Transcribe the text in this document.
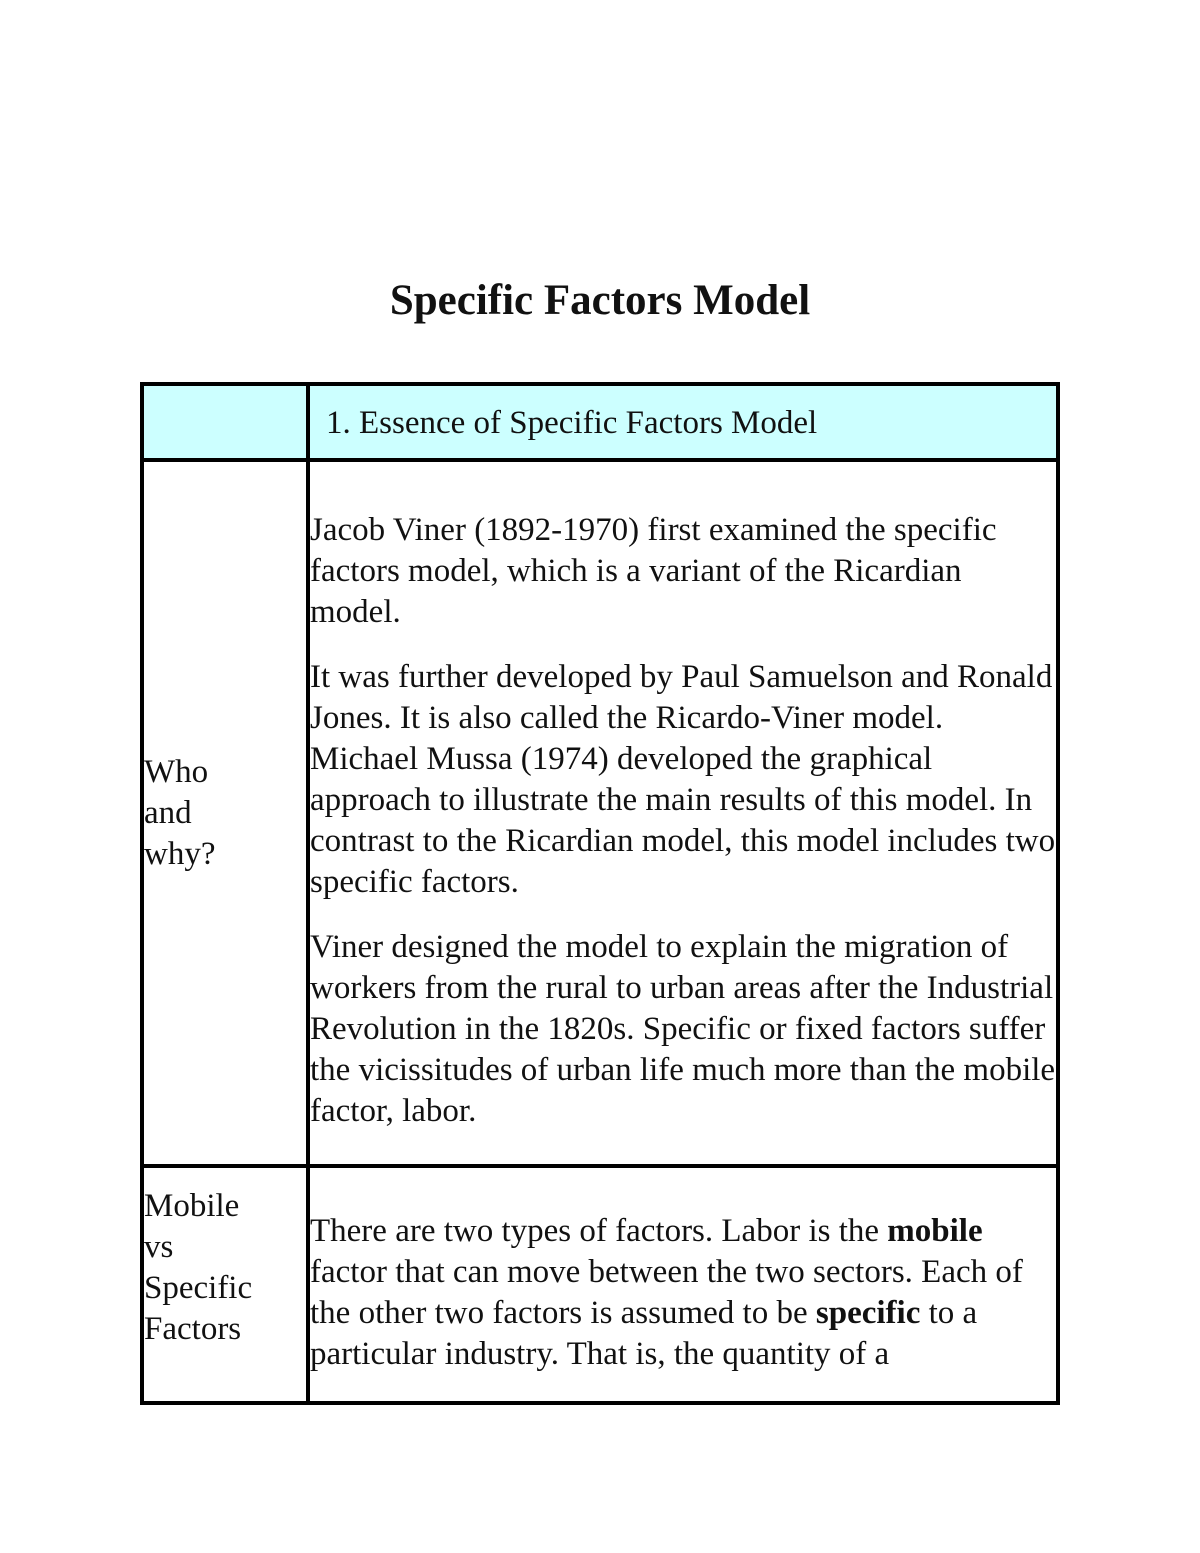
Specific Factors Model

	1. Essence of Specific Factors Model

Who and why?	Jacob Viner (1892-1970) first examined the specific factors model, which is a variant of the Ricardian model.

It was further developed by Paul Samuelson and Ronald Jones. It is also called the Ricardo-Viner model. Michael Mussa (1974) developed the graphical approach to illustrate the main results of this model. In contrast to the Ricardian model, this model includes two specific factors.

Viner designed the model to explain the migration of workers from the rural to urban areas after the Industrial Revolution in the 1820s. Specific or fixed factors suffer the vicissitudes of urban life much more than the mobile factor, labor.

Mobile vs Specific Factors	There are two types of factors. Labor is the mobile factor that can move between the two sectors. Each of the other two factors is assumed to be specific to a particular industry. That is, the quantity of a
